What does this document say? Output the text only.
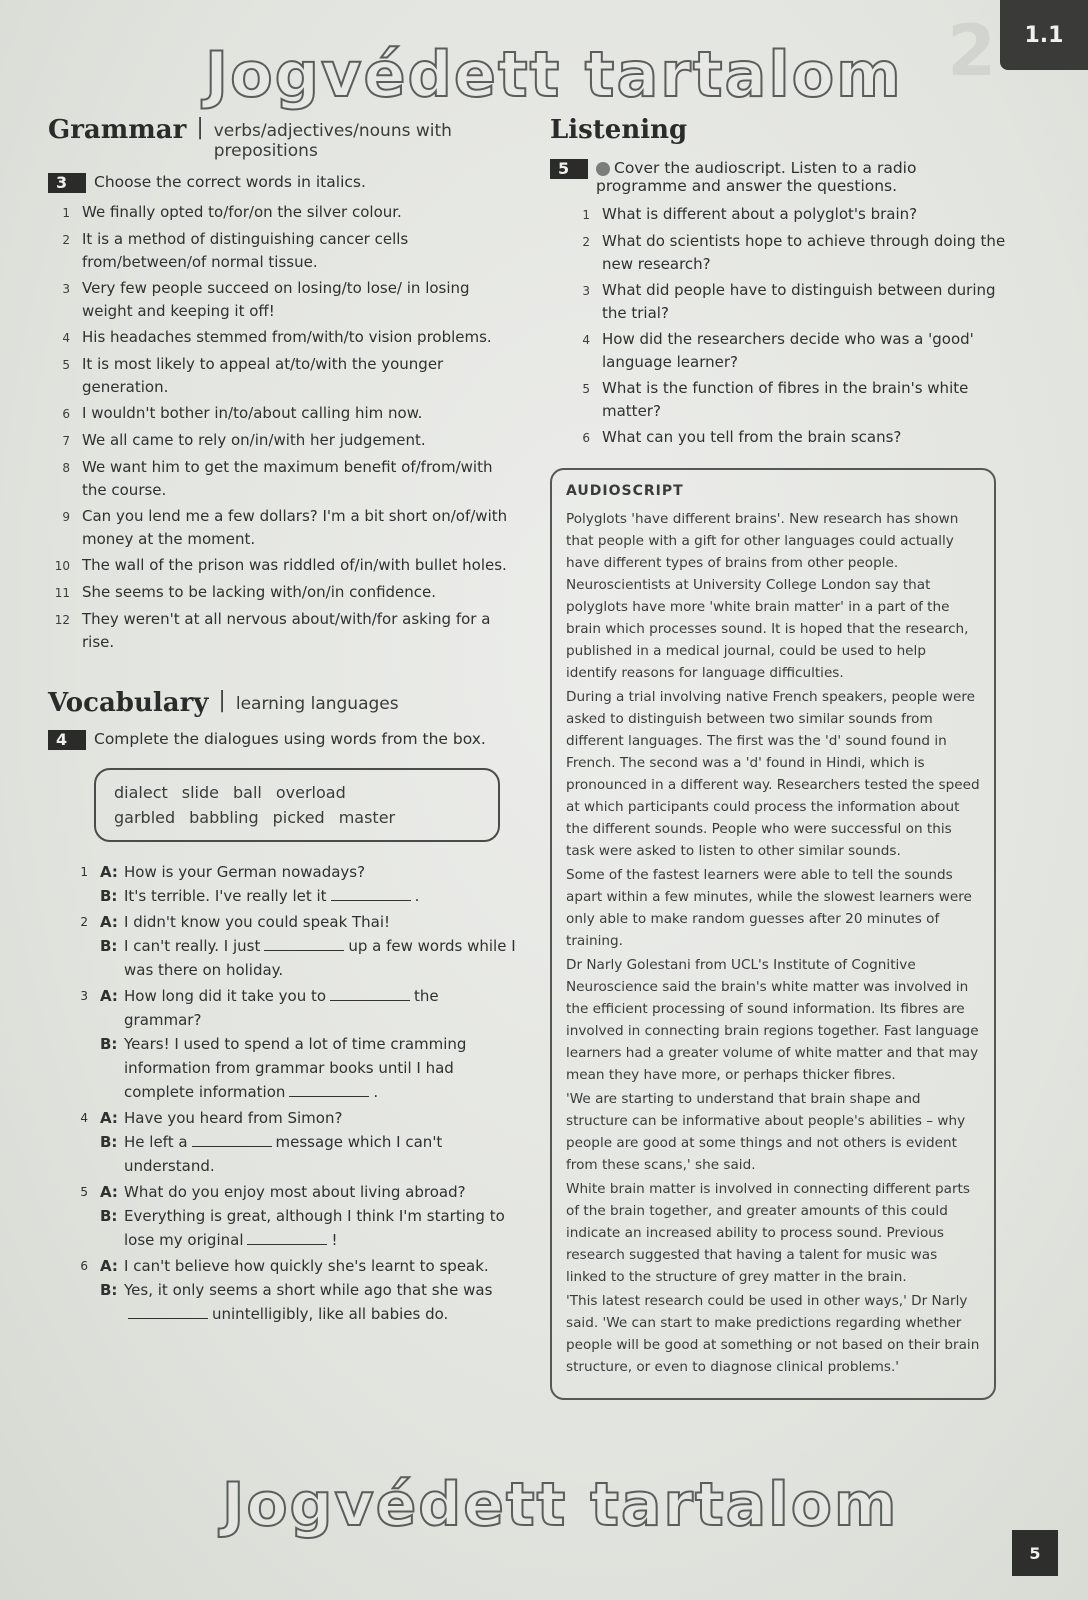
2	1.1
Jogvédett tartalom
Grammar | verbs/adjectives/nouns with prepositions
3	Choose the correct words in italics.
1 We finally opted to/for/on the silver colour.
2 It is a method of distinguishing cancer cells from/between/of normal tissue.
3 Very few people succeed on losing/to lose/ in losing weight and keeping it off!
4 His headaches stemmed from/with/to vision problems.
5 It is most likely to appeal at/to/with the younger generation.
6 I wouldn't bother in/to/about calling him now.
7 We all came to rely on/in/with her judgement.
8 We want him to get the maximum benefit of/from/with the course.
9 Can you lend me a few dollars? I'm a bit short on/of/with money at the moment.
10 The wall of the prison was riddled of/in/with bullet holes.
11 She seems to be lacking with/on/in confidence.
12 They weren't at all nervous about/with/for asking for a rise.
Vocabulary | learning languages
4	Complete the dialogues using words from the box.
dialect slide ball overload
garbled babbling picked master
1 A: How is your German nowadays?
B: It's terrible. I've really let it	.
2 A: I didn't know you could speak Thai!
B: I can't really. I just	up a few words while I was there on holiday.
3 A: How long did it take you to	the grammar?
B: Years! I used to spend a lot of time cramming information from grammar books until I had complete information	.
4 A: Have you heard from Simon?
B: He left a	message which I can't understand.
5 A: What do you enjoy most about living abroad?
B: Everything is great, although I think I'm starting to lose my original	!
6 A: I can't believe how quickly she's learnt to speak.
B: Yes, it only seems a short while ago that she wasunintelligibly, like all babies do.
Listening
5	Cover the audioscript. Listen to a radio programme and answer the questions.
1 What is different about a polyglot's brain?
2 What do scientists hope to achieve through doing the new research?
3 What did people have to distinguish between during the trial?
4 How did the researchers decide who was a 'good' language learner?
5 What is the function of fibres in the brain's white matter?
6 What can you tell from the brain scans?
AUDIOSCRIPT

Polyglots 'have different brains'. New research has shown that people with a gift for other languages could actually have different types of brains from other people. Neuroscientists at University College London say that polyglots have more 'white brain matter' in a part of the brain which processes sound. It is hoped that the research, published in a medical journal, could be used to help identify reasons for language difficulties.

During a trial involving native French speakers, people were asked to distinguish between two similar sounds from different languages. The first was the 'd' sound found in French. The second was a 'd' found in Hindi, which is pronounced in a different way. Researchers tested the speed at which participants could process the information about the different sounds. People who were successful on this task were asked to listen to other similar sounds.

Some of the fastest learners were able to tell the sounds apart within a few minutes, while the slowest learners were only able to make random guesses after 20 minutes of training.

Dr Narly Golestani from UCL's Institute of Cognitive Neuroscience said the brain's white matter was involved in the efficient processing of sound information. Its fibres are involved in connecting brain regions together. Fast language learners had a greater volume of white matter and that may mean they have more, or perhaps thicker fibres.

'We are starting to understand that brain shape and structure can be informative about people's abilities – why people are good at some things and not others is evident from these scans,' she said.

White brain matter is involved in connecting different parts of the brain together, and greater amounts of this could indicate an increased ability to process sound. Previous research suggested that having a talent for music was linked to the structure of grey matter in the brain.

'This latest research could be used in other ways,' Dr Narly said. 'We can start to make predictions regarding whether people will be good at something or not based on their brain structure, or even to diagnose clinical problems.'

Jogvédett tartalom
5
